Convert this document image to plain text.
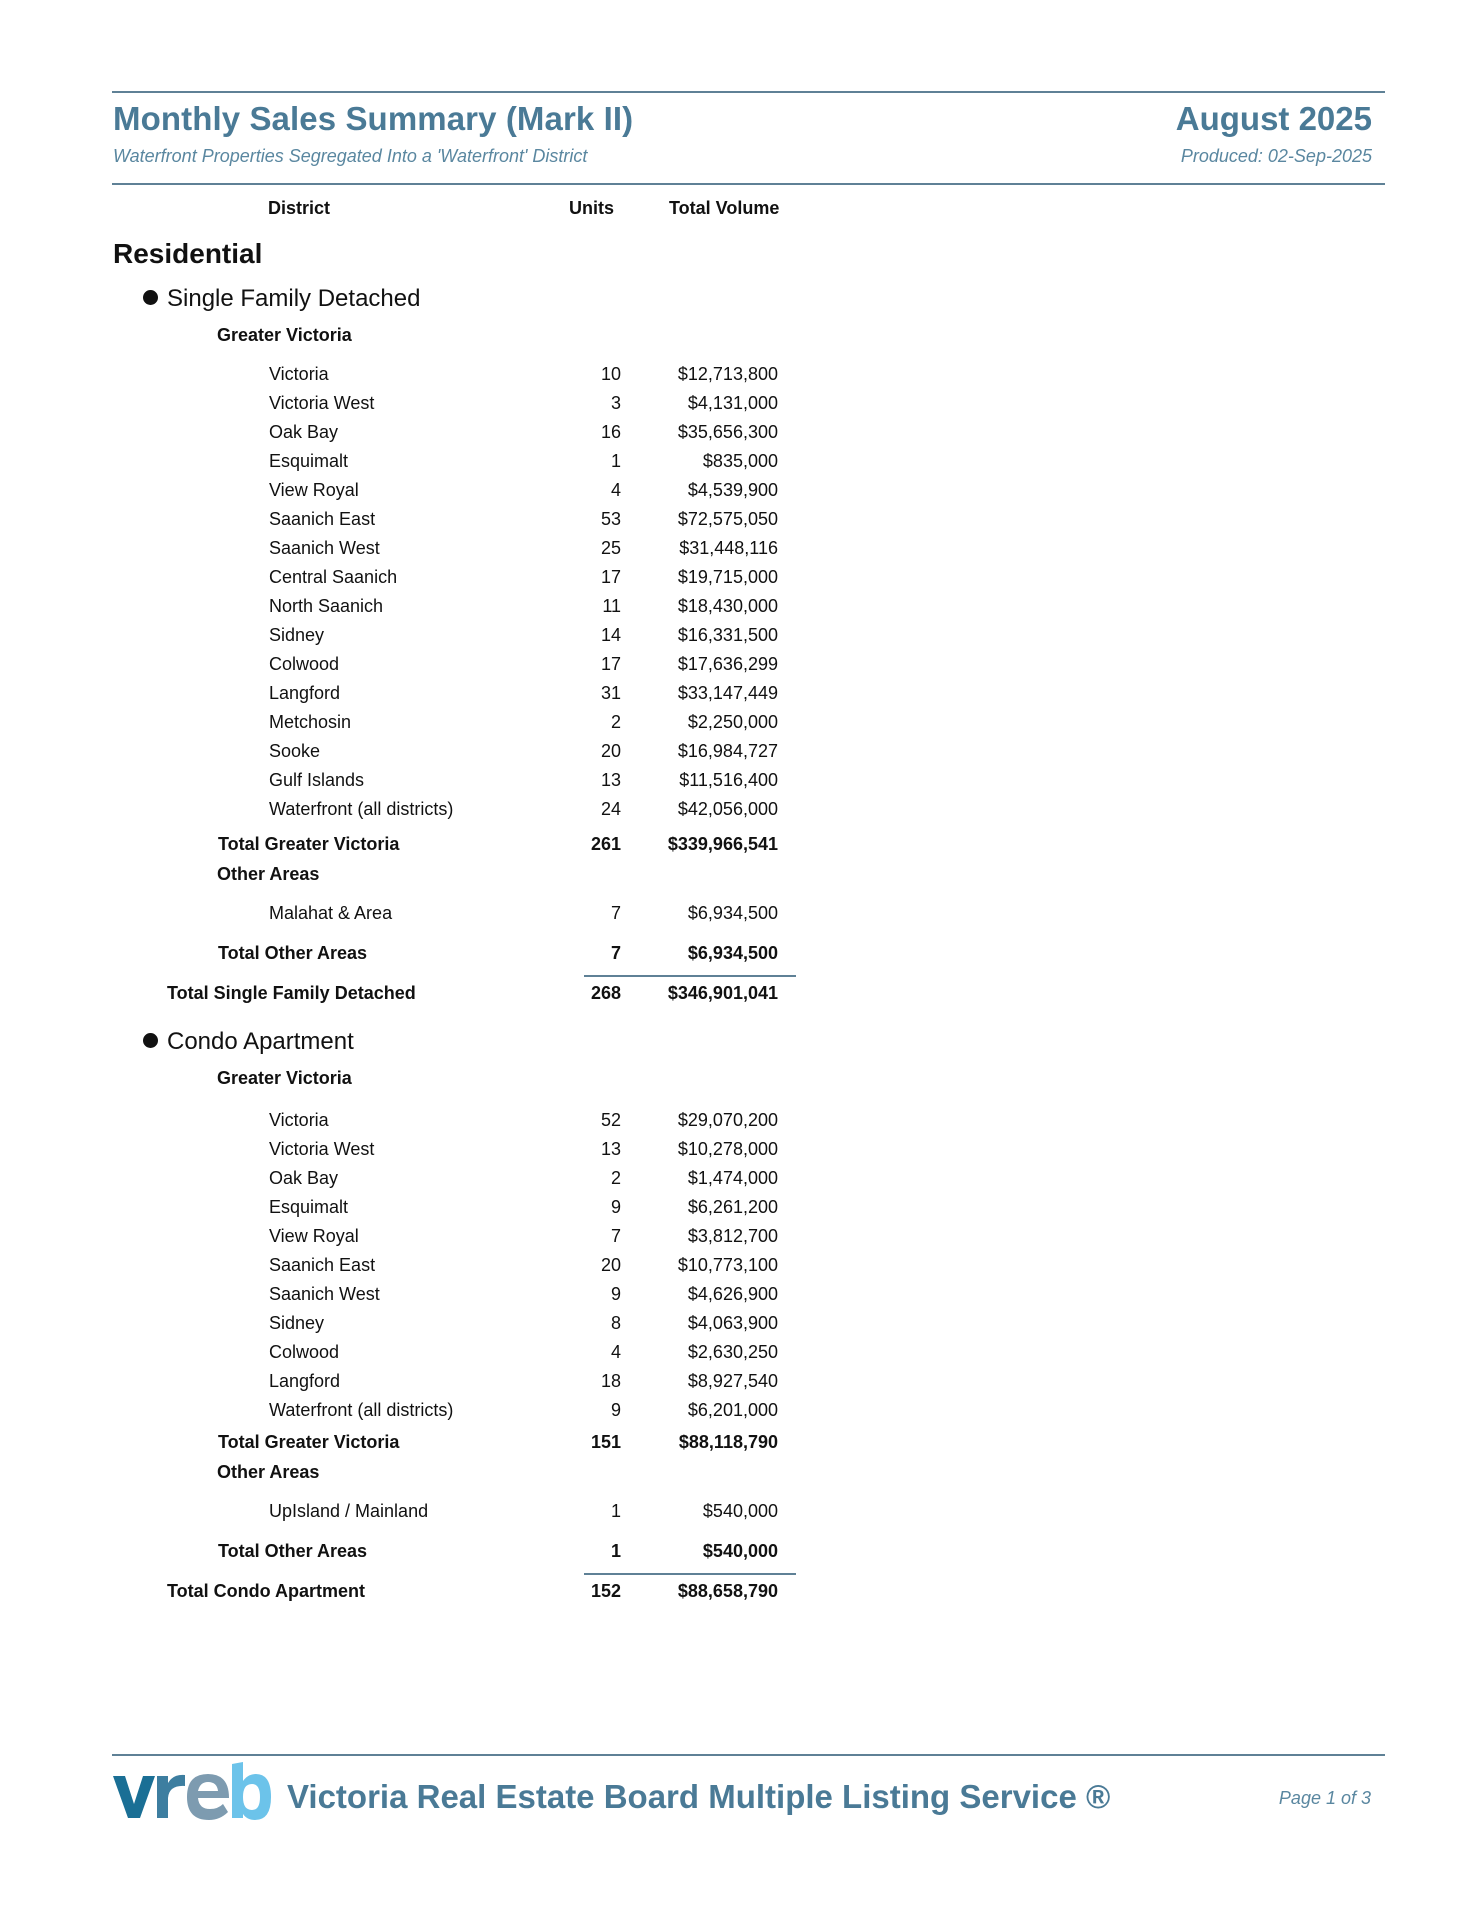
Monthly Sales Summary (Mark II)
Waterfront Properties Segregated Into a 'Waterfront' District
August 2025
Produced: 02-Sep-2025
District	Units	Total Volume
Residential
Single Family Detached
Greater Victoria
Victoria	10	$12,713,800
Victoria West	3	$4,131,000
Oak Bay	16	$35,656,300
Esquimalt	1	$835,000
View Royal	4	$4,539,900
Saanich East	53	$72,575,050
Saanich West	25	$31,448,116
Central Saanich	17	$19,715,000
North Saanich	11	$18,430,000
Sidney	14	$16,331,500
Colwood	17	$17,636,299
Langford	31	$33,147,449
Metchosin	2	$2,250,000
Sooke	20	$16,984,727
Gulf Islands	13	$11,516,400
Waterfront (all districts)	24	$42,056,000
Total Greater Victoria	261	$339,966,541
Other Areas
Malahat & Area	7	$6,934,500
Total Other Areas	7	$6,934,500
Total Single Family Detached	268	$346,901,041
Condo Apartment
Greater Victoria
Victoria	52	$29,070,200
Victoria West	13	$10,278,000
Oak Bay	2	$1,474,000
Esquimalt	9	$6,261,200
View Royal	7	$3,812,700
Saanich East	20	$10,773,100
Saanich West	9	$4,626,900
Sidney	8	$4,063,900
Colwood	4	$2,630,250
Langford	18	$8,927,540
Waterfront (all districts)	9	$6,201,000
Total Greater Victoria	151	$88,118,790
Other Areas
UpIsland / Mainland	1	$540,000
Total Other Areas	1	$540,000
Total Condo Apartment	152	$88,658,790
Victoria Real Estate Board Multiple Listing Service ®	Page 1 of 3
